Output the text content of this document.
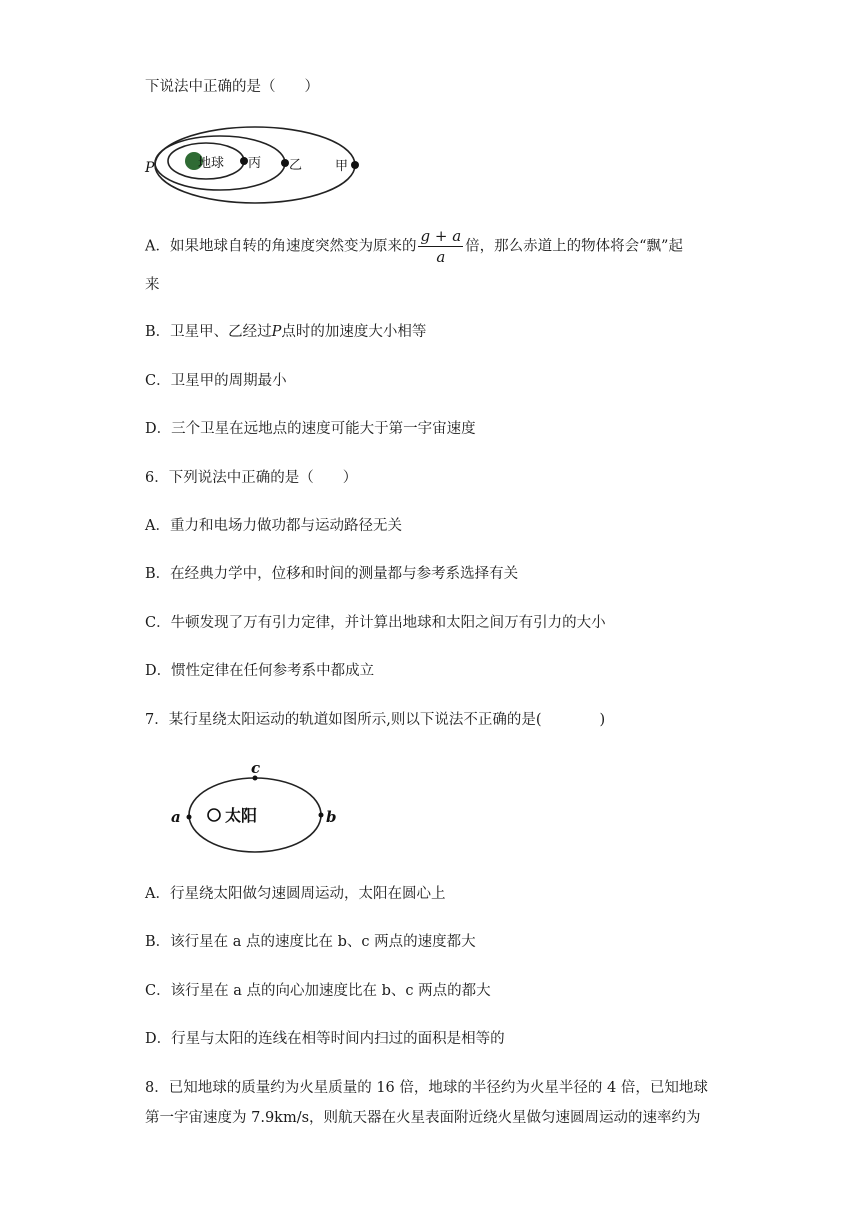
下说法中正确的是（　　）
地球
P	丙 乙	甲
A．如果地球自转的角速度突然变为原来的 $\frac{g + a}{a}$ 倍，那么赤道上的物体将会“飘”起
来
B．卫星甲、乙经过P点时的加速度大小相等
C．卫星甲的周期最小
D．三个卫星在远地点的速度可能大于第一宇宙速度
6．下列说法中正确的是（　　）
A．重力和电场力做功都与运动路径无关
B．在经典力学中，位移和时间的测量都与参考系选择有关
C．牛顿发现了万有引力定律，并计算出地球和太阳之间万有引力的大小
D．惯性定律在任何参考系中都成立
7．某行星绕太阳运动的轨道如图所示,则以下说法不正确的是(　　　　)
太阳
a	b
c
A．行星绕太阳做匀速圆周运动，太阳在圆心上
B．该行星在 a 点的速度比在 b、c 两点的速度都大
C．该行星在 a 点的向心加速度比在 b、c 两点的都大
D．行星与太阳的连线在相等时间内扫过的面积是相等的
8．已知地球的质量约为火星质量的 16 倍，地球的半径约为火星半径的 4 倍，已知地球第一宇宙速度为 7.9km/s，则航天器在火星表面附近绕火星做匀速圆周运动的速率约为
